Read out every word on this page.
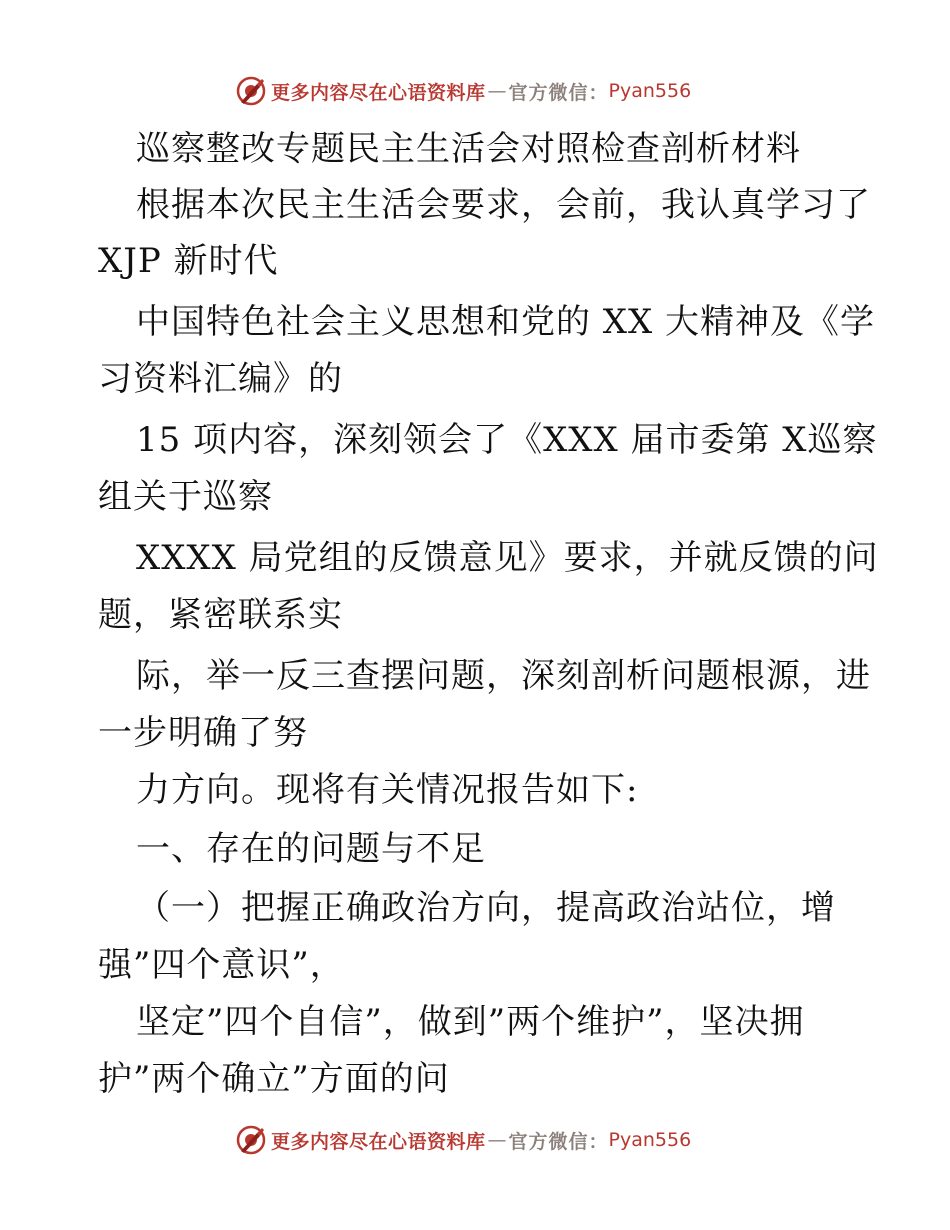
更多内容尽在心语资料库 — 官方微信： Pyan556
巡察整改专题民主生活会对照检查剖析材料
根据本次民主生活会要求，会前，我认真学习了
XJP 新时代
中国特色社会主义思想和党的 XX 大精神及《学
习资料汇编》的
15 项内容，深刻领会了《XXX 届市委第 X巡察
组关于巡察
XXXX 局党组的反馈意见》要求，并就反馈的问
题，紧密联系实
际，举一反三查摆问题，深刻剖析问题根源，进
一步明确了努
力方向。现将有关情况报告如下:
一、存在的问题与不足
（一）把握正确政治方向，提高政治站位，增
强”四个意识”，
坚定”四个自信”，做到”两个维护”，坚决拥
护”两个确立”方面的问
更多内容尽在心语资料库 — 官方微信： Pyan556
